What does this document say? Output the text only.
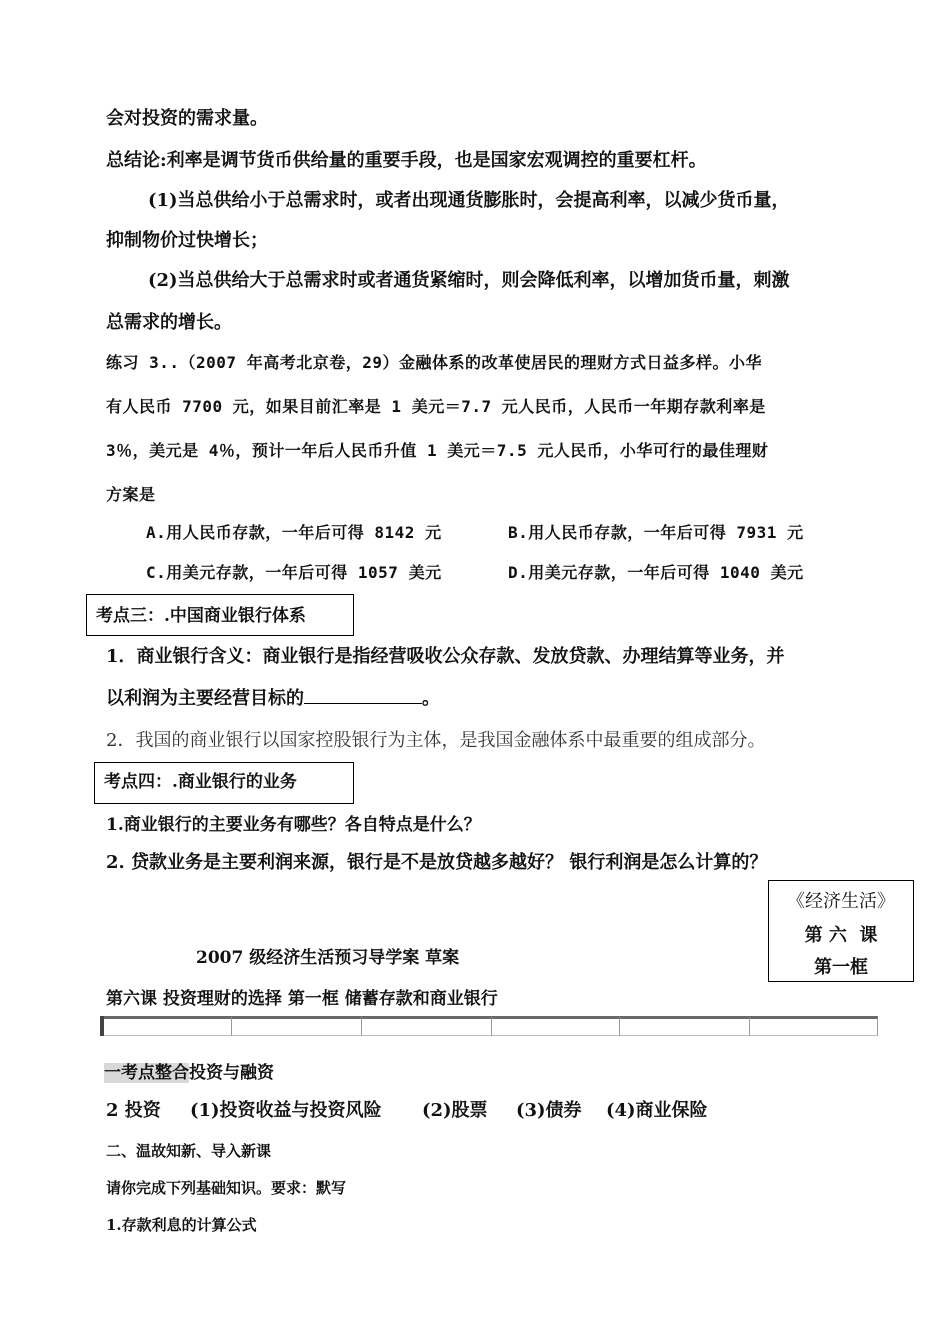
会对投资的需求量。
总结论:利率是调节货币供给量的重要手段，也是国家宏观调控的重要杠杆。
(1)当总供给小于总需求时，或者出现通货膨胀时，会提高利率，以减少货币量，
抑制物价过快增长；
(2)当总供给大于总需求时或者通货紧缩时，则会降低利率，以增加货币量，刺激
总需求的增长。
练习 3..（2007 年高考北京卷，29）金融体系的改革使居民的理财方式日益多样。小华
有人民币 7700 元，如果目前汇率是 1 美元＝7.7 元人民币，人民币一年期存款利率是
3％，美元是 4％，预计一年后人民币升值 1 美元＝7.5 元人民币，小华可行的最佳理财
方案是
A.用人民币存款，一年后可得 8142 元	B.用人民币存款，一年后可得 7931 元
C.用美元存款，一年后可得 1057 美元	D.用美元存款，一年后可得 1040 美元
考点三：.中国商业银行体系
1．商业银行含义：商业银行是指经营吸收公众存款、发放贷款、办理结算等业务，并
以利润为主要经营目标的	。
2．我国的商业银行以国家控股银行为主体，是我国金融体系中最重要的组成部分。
考点四：.商业银行的业务
1.商业银行的主要业务有哪些？各自特点是什么？
2. 贷款业务是主要利润来源，银行是不是放贷越多越好？ 银行利润是怎么计算的？
《经济生活》
第 六  课
第一框
2007 级经济生活预习导学案 草案
第六课 投资理财的选择 第一框 储蓄存款和商业银行
一考点整合投资与融资
2 投资 (1)投资收益与投资风险 (2)股票 (3)债券 (4)商业保险
二、温故知新、导入新课
请你完成下列基础知识。要求：默写
1.存款利息的计算公式
